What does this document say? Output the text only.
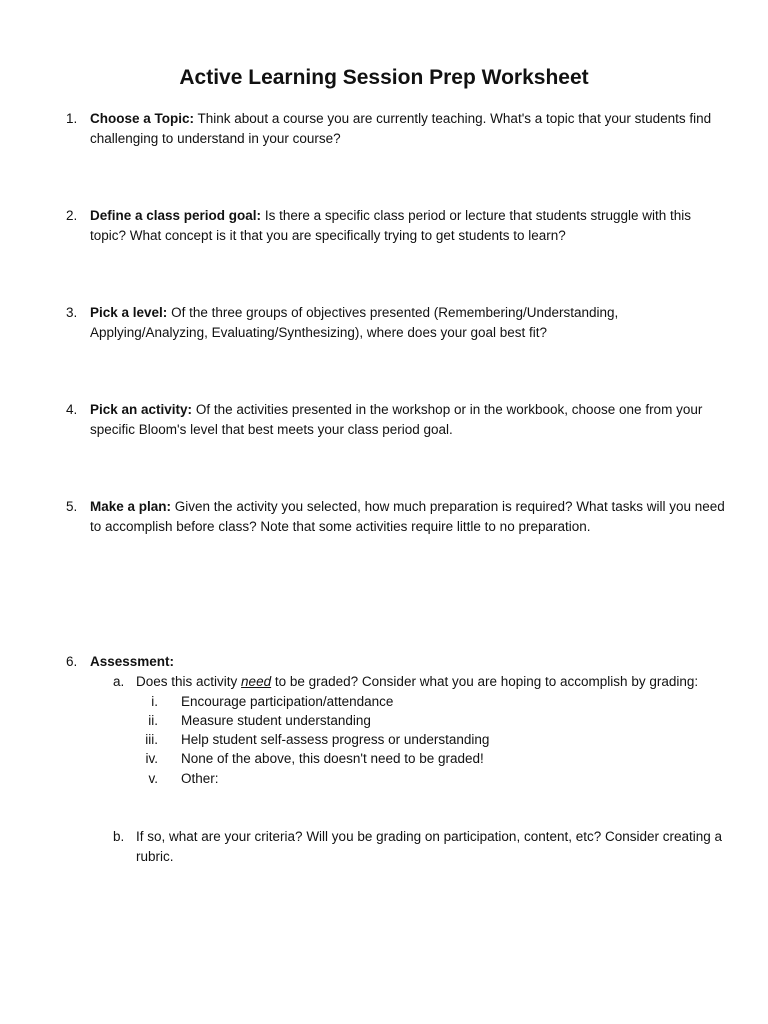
Active Learning Session Prep Worksheet
1. Choose a Topic: Think about a course you are currently teaching. What's a topic that your students find challenging to understand in your course?
2. Define a class period goal: Is there a specific class period or lecture that students struggle with this topic? What concept is it that you are specifically trying to get students to learn?
3. Pick a level: Of the three groups of objectives presented (Remembering/Understanding, Applying/Analyzing, Evaluating/Synthesizing), where does your goal best fit?
4. Pick an activity: Of the activities presented in the workshop or in the workbook, choose one from your specific Bloom's level that best meets your class period goal.
5. Make a plan: Given the activity you selected, how much preparation is required? What tasks will you need to accomplish before class? Note that some activities require little to no preparation.
6. Assessment:
a. Does this activity need to be graded? Consider what you are hoping to accomplish by grading:
i. Encourage participation/attendance
ii. Measure student understanding
iii. Help student self-assess progress or understanding
iv. None of the above, this doesn't need to be graded!
v. Other:
b. If so, what are your criteria? Will you be grading on participation, content, etc? Consider creating a rubric.
